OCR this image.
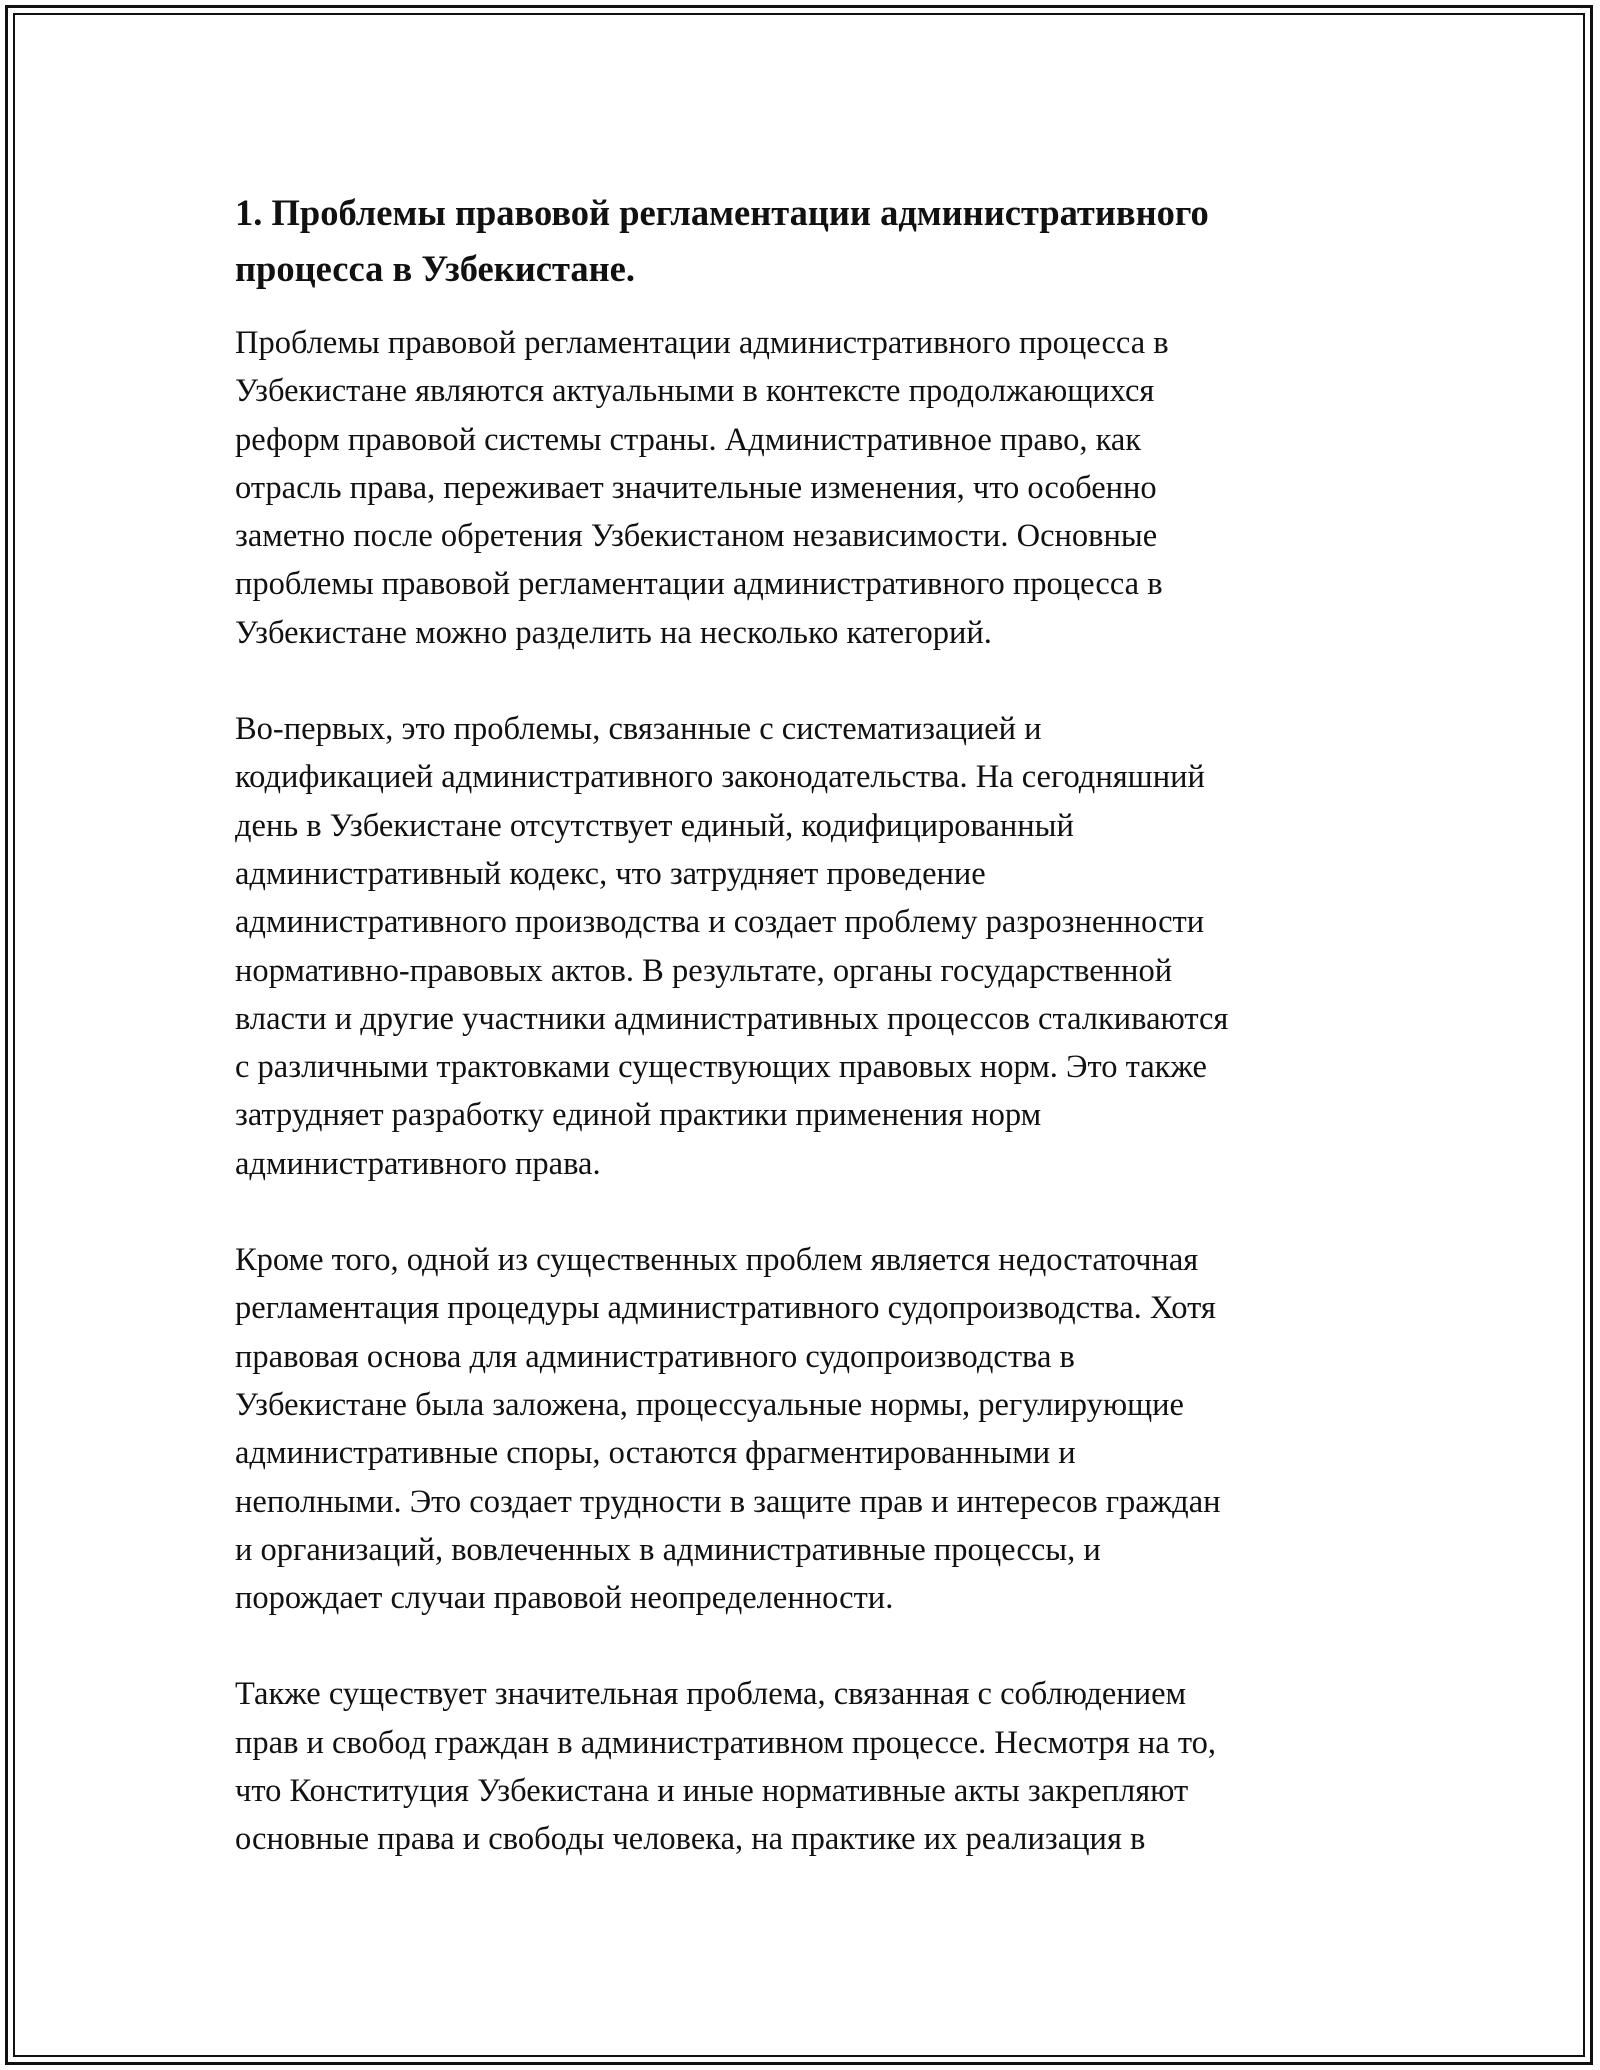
1. Проблемы правовой регламентации административного
процесса в Узбекистане.

Проблемы правовой регламентации административного процесса в
Узбекистане являются актуальными в контексте продолжающихся
реформ правовой системы страны. Административное право, как
отрасль права, переживает значительные изменения, что особенно
заметно после обретения Узбекистаном независимости. Основные
проблемы правовой регламентации административного процесса в
Узбекистане можно разделить на несколько категорий.

Во-первых, это проблемы, связанные с систематизацией и
кодификацией административного законодательства. На сегодняшний
день в Узбекистане отсутствует единый, кодифицированный
административный кодекс, что затрудняет проведение
административного производства и создает проблему разрозненности
нормативно-правовых актов. В результате, органы государственной
власти и другие участники административных процессов сталкиваются
с различными трактовками существующих правовых норм. Это также
затрудняет разработку единой практики применения норм
административного права.

Кроме того, одной из существенных проблем является недостаточная
регламентация процедуры административного судопроизводства. Хотя
правовая основа для административного судопроизводства в
Узбекистане была заложена, процессуальные нормы, регулирующие
административные споры, остаются фрагментированными и
неполными. Это создает трудности в защите прав и интересов граждан
и организаций, вовлеченных в административные процессы, и
порождает случаи правовой неопределенности.

Также существует значительная проблема, связанная с соблюдением
прав и свобод граждан в административном процессе. Несмотря на то,
что Конституция Узбекистана и иные нормативные акты закрепляют
основные права и свободы человека, на практике их реализация в
